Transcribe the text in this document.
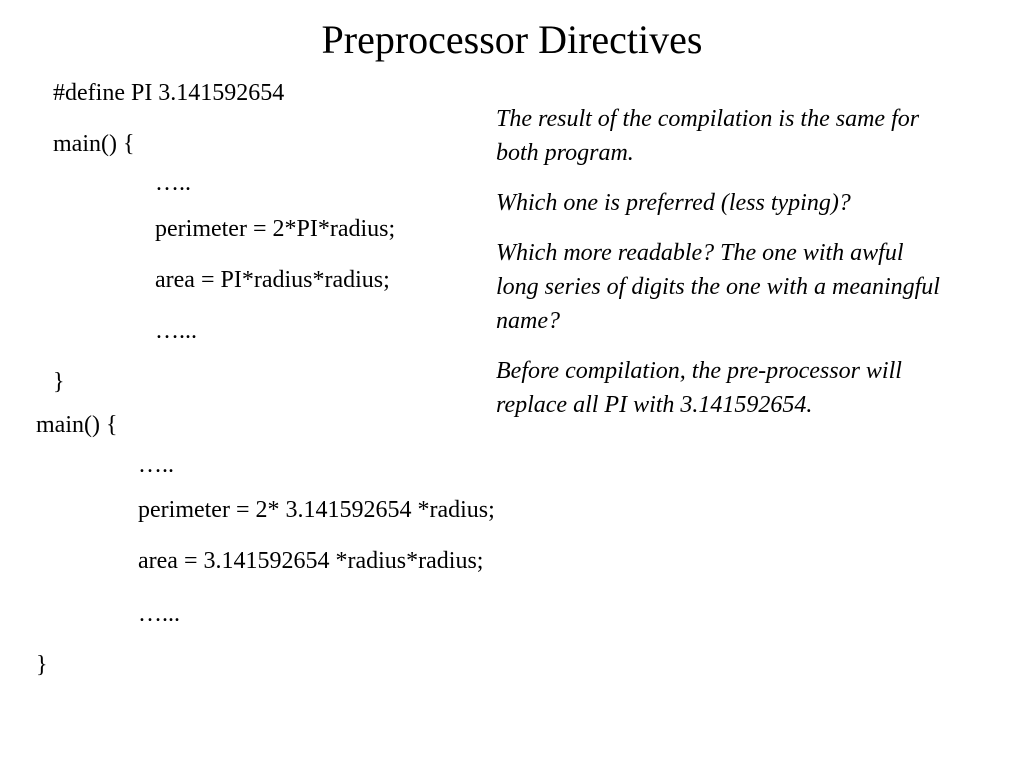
Preprocessor Directives
#define PI 3.141592654
main() {
…..
perimeter = 2*PI*radius;
area = PI*radius*radius;
…...
}
main() {
…..
perimeter = 2* 3.141592654 *radius;
area = 3.141592654 *radius*radius;
…...
}

The result of the compilation is the same for both program.

Which one is preferred (less typing)?

Which more readable? The one with awful long series of digits the one with a meaningful name?

Before compilation, the pre-processor will replace all PI with 3.141592654.
